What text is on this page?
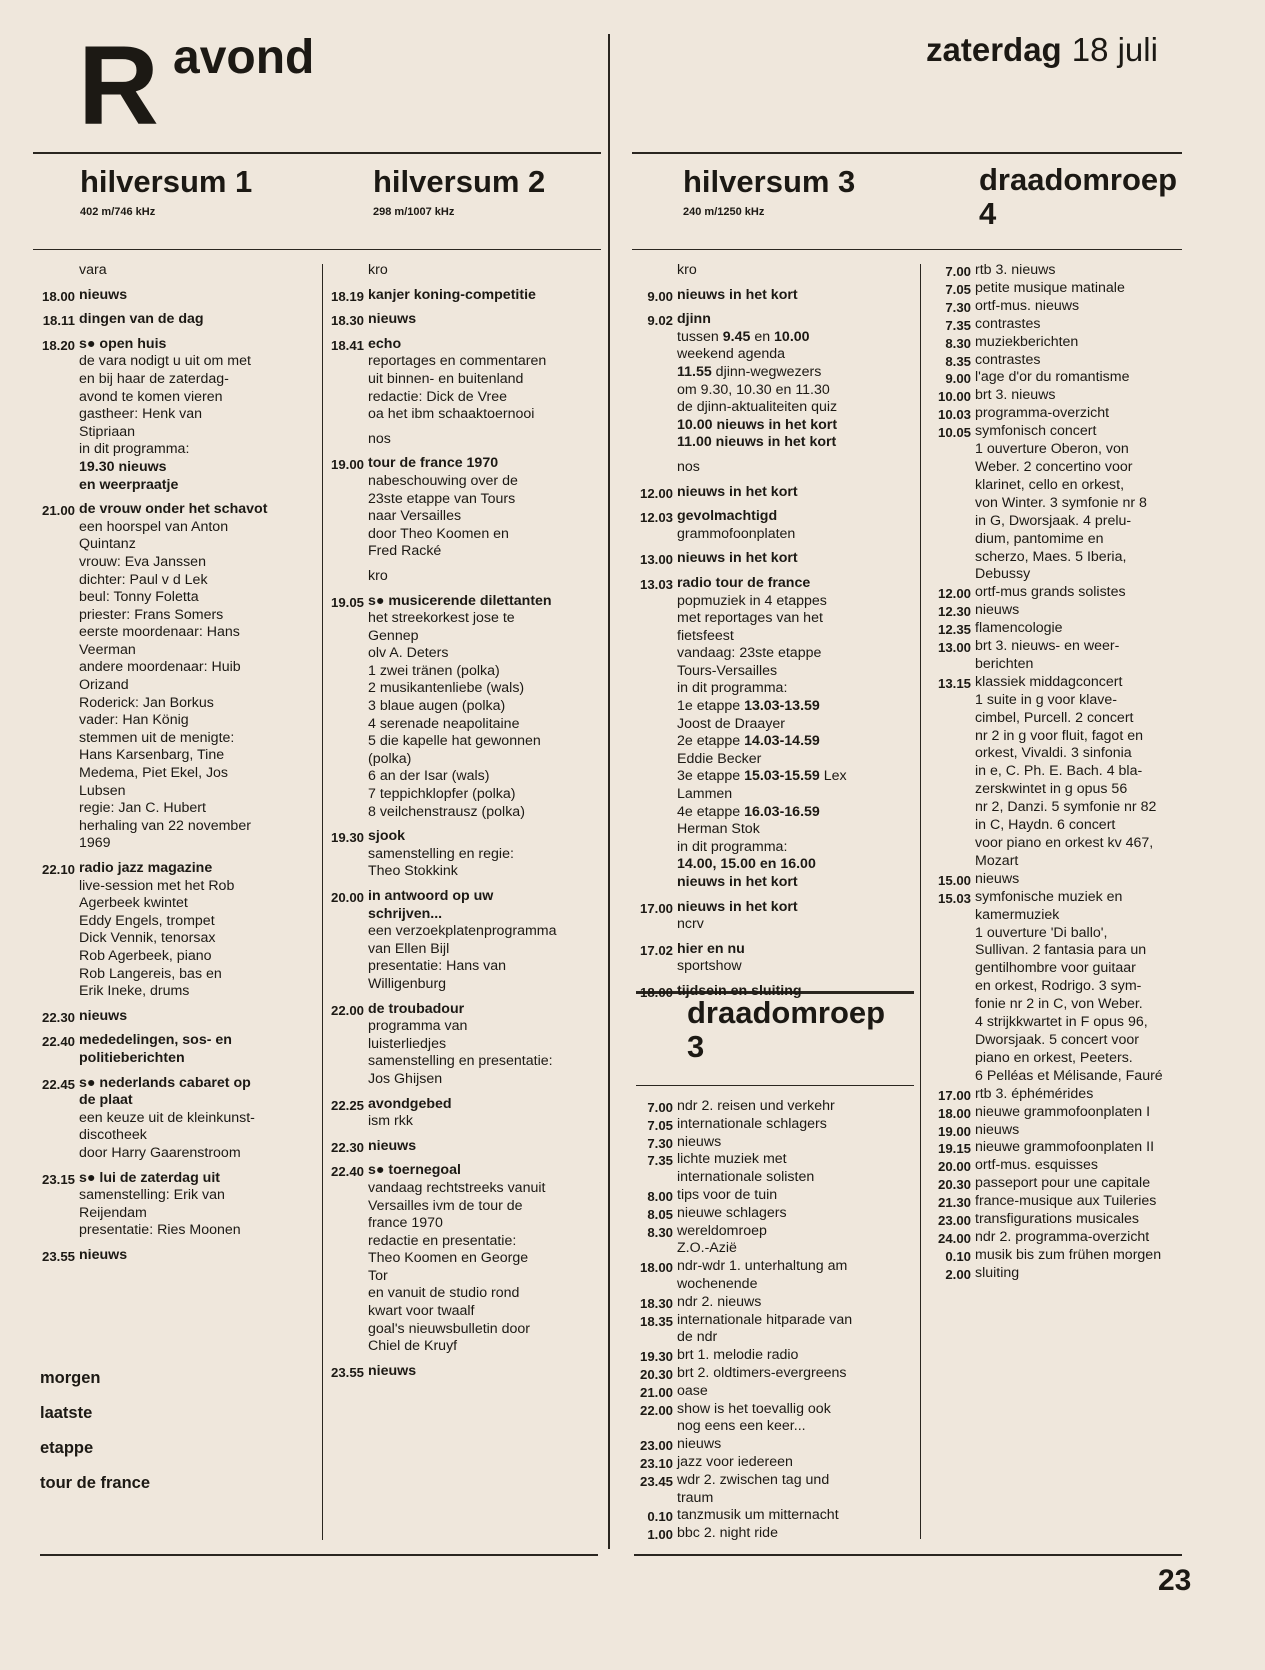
R avond	zaterdag 18 juli
hilversum 1
402 m/746 kHz
hilversum 2
298 m/1007 kHz
hilversum 3
240 m/1250 kHz
draadomroep
4
draadomroep
3
vara
18.00 nieuws
18.11 dingen van de dag
18.20 s● open huis
de vara nodigt u uit om met
en bij haar de zaterdag-
avond te komen vieren
gastheer: Henk van
Stipriaan
in dit programma:
19.30 nieuws
en weerpraatje
21.00 de vrouw onder het schavot
een hoorspel van Anton
Quintanz
vrouw: Eva Janssen
dichter: Paul v d Lek
beul: Tonny Foletta
priester: Frans Somers
eerste moordenaar: Hans
Veerman
andere moordenaar: Huib
Orizand
Roderick: Jan Borkus
vader: Han König
stemmen uit de menigte:
Hans Karsenbarg, Tine
Medema, Piet Ekel, Jos
Lubsen
regie: Jan C. Hubert
herhaling van 22 november
1969
22.10 radio jazz magazine
live-session met het Rob
Agerbeek kwintet
Eddy Engels, trompet
Dick Vennik, tenorsax
Rob Agerbeek, piano
Rob Langereis, bas en
Erik Ineke, drums
22.30 nieuws
22.40 mededelingen, sos- en
politieberichten
22.45 s● nederlands cabaret op
de plaat
een keuze uit de kleinkunst-
discotheek
door Harry Gaarenstroom
23.15 s● lui de zaterdag uit
samenstelling: Erik van
Reijendam
presentatie: Ries Moonen
23.55 nieuws
kro
18.19 kanjer koning-competitie
18.30 nieuws
18.41 echo
reportages en commentaren
uit binnen- en buitenland
redactie: Dick de Vree
oa het ibm schaaktoernooi
nos
19.00 tour de france 1970
nabeschouwing over de
23ste etappe van Tours
naar Versailles
door Theo Koomen en
Fred Racké
kro
19.05 s● musicerende dilettanten
het streekorkest jose te
Gennep
olv A. Deters
1 zwei tränen (polka)
2 musikantenliebe (wals)
3 blaue augen (polka)
4 serenade neapolitaine
5 die kapelle hat gewonnen
(polka)
6 an der Isar (wals)
7 teppichklopfer (polka)
8 veilchenstrausz (polka)
19.30 sjook
samenstelling en regie:
Theo Stokkink
20.00 in antwoord op uw
schrijven...
een verzoekplatenprogramma
van Ellen Bijl
presentatie: Hans van
Willigenburg
22.00 de troubadour
programma van
luisterliedjes
samenstelling en presentatie:
Jos Ghijsen
22.25 avondgebed
ism rkk
22.30 nieuws
22.40 s● toernegoal
vandaag rechtstreeks vanuit
Versailles ivm de tour de
france 1970
redactie en presentatie:
Theo Koomen en George
Tor
en vanuit de studio rond
kwart voor twaalf
goal's nieuwsbulletin door
Chiel de Kruyf
23.55 nieuws
kro
9.00 nieuws in het kort
9.02 djinn
tussen 9.45 en 10.00
weekend agenda
11.55 djinn-wegwezers
om 9.30, 10.30 en 11.30
de djinn-aktualiteiten quiz
10.00 nieuws in het kort
11.00 nieuws in het kort
nos
12.00 nieuws in het kort
12.03 gevolmachtigd
grammofoonplaten
13.00 nieuws in het kort
13.03 radio tour de france
popmuziek in 4 etappes
met reportages van het
fietsfeest
vandaag: 23ste etappe
Tours-Versailles
in dit programma:
1e etappe 13.03-13.59
Joost de Draayer
2e etappe 14.03-14.59
Eddie Becker
3e etappe 15.03-15.59 Lex
Lammen
4e etappe 16.03-16.59
Herman Stok
in dit programma:
14.00, 15.00 en 16.00
nieuws in het kort
17.00 nieuws in het kort
ncrv
17.02 hier en nu
sportshow
18.00 tijdsein en sluiting
7.00 ndr 2. reisen und verkehr
7.05 internationale schlagers
7.30 nieuws
7.35 lichte muziek met
internationale solisten
8.00 tips voor de tuin
8.05 nieuwe schlagers
8.30 wereldomroep
Z.O.-Azië
18.00 ndr-wdr 1. unterhaltung am
wochenende
18.30 ndr 2. nieuws
18.35 internationale hitparade van
de ndr
19.30 brt 1. melodie radio
20.30 brt 2. oldtimers-evergreens
21.00 oase
22.00 show is het toevallig ook
nog eens een keer...
23.00 nieuws
23.10 jazz voor iedereen
23.45 wdr 2. zwischen tag und
traum
0.10 tanzmusik um mitternacht
1.00 bbc 2. night ride
7.00 rtb 3. nieuws
7.05 petite musique matinale
7.30 ortf-mus. nieuws
7.35 contrastes
8.30 muziekberichten
8.35 contrastes
9.00 l'age d'or du romantisme
10.00 brt 3. nieuws
10.03 programma-overzicht
10.05 symfonisch concert
1 ouverture Oberon, von
Weber. 2 concertino voor
klarinet, cello en orkest,
von Winter. 3 symfonie nr 8
in G, Dworsjaak. 4 prelu-
dium, pantomime en
scherzo, Maes. 5 Iberia,
Debussy
12.00 ortf-mus grands solistes
12.30 nieuws
12.35 flamencologie
13.00 brt 3. nieuws- en weer-
berichten
13.15 klassiek middagconcert
1 suite in g voor klave-
cimbel, Purcell. 2 concert
nr 2 in g voor fluit, fagot en
orkest, Vivaldi. 3 sinfonia
in e, C. Ph. E. Bach. 4 bla-
zerskwintet in g opus 56
nr 2, Danzi. 5 symfonie nr 82
in C, Haydn. 6 concert
voor piano en orkest kv 467,
Mozart
15.00 nieuws
15.03 symfonische muziek en
kamermuziek
1 ouverture 'Di ballo',
Sullivan. 2 fantasia para un
gentilhombre voor guitaar
en orkest, Rodrigo. 3 sym-
fonie nr 2 in C, von Weber.
4 strijkkwartet in F opus 96,
Dworsjaak. 5 concert voor
piano en orkest, Peeters.
6 Pelléas et Mélisande, Fauré
17.00 rtb 3. éphémérides
18.00 nieuwe grammofoonplaten I
19.00 nieuws
19.15 nieuwe grammofoonplaten II
20.00 ortf-mus. esquisses
20.30 passeport pour une capitale
21.30 france-musique aux Tuileries
23.00 transfigurations musicales
24.00 ndr 2. programma-overzicht
0.10 musik bis zum frühen morgen
2.00 sluiting
morgen
laatste
etappe
tour de france
23
